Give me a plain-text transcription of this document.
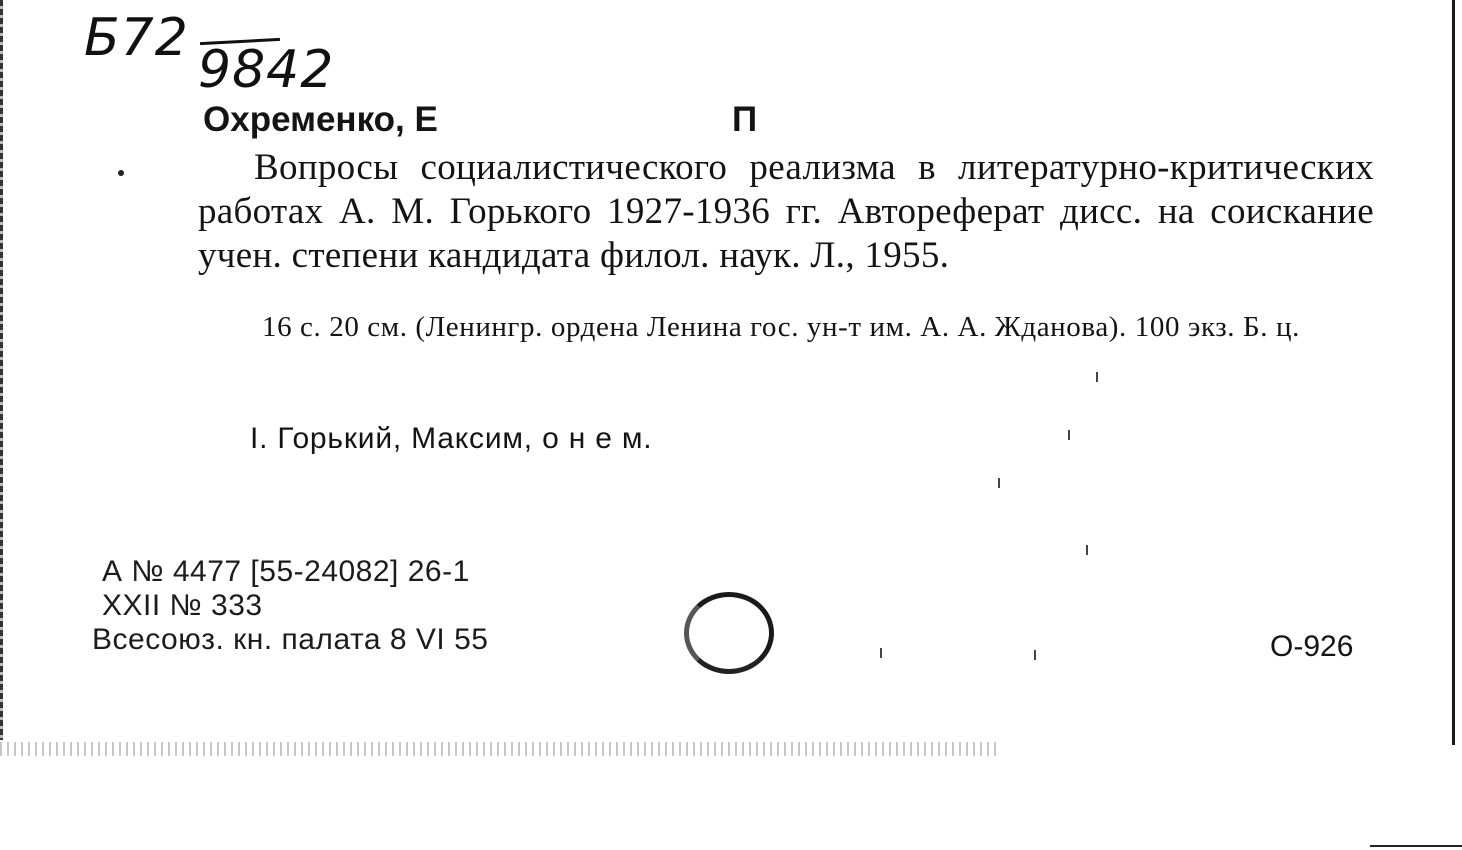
Б72
9842
Охременко, Е	П
Вопросы социалистического реализма в литературно-критических работах А. М. Горького 1927-1936 гг. Автореферат дисс. на соискание учен. степени кандидата филол. наук. Л., 1955.
16 с. 20 см. (Ленингр. ордена Ленина гос. ун-т им. А. А. Жданова). 100 экз. Б. ц.
I. Горький, Максим, о н е м.
А № 4477 [55-24082] 26-1
XXII № 333
Всесоюз. кн. палата 8 VI 55	О-926
